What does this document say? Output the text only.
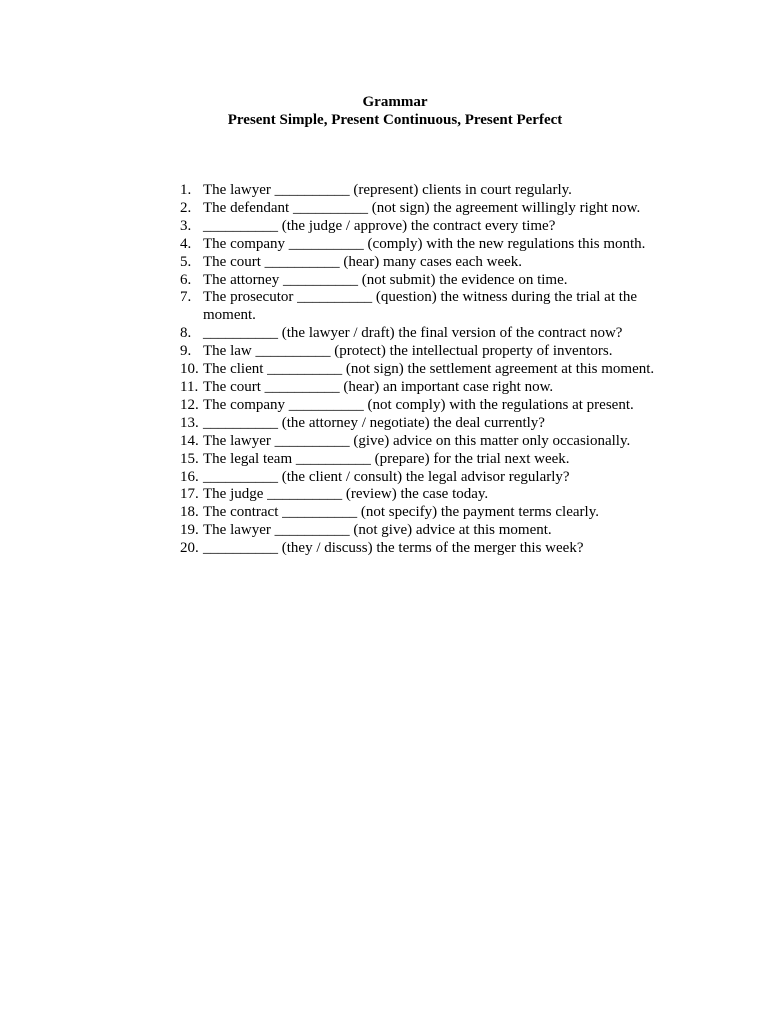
Grammar
Present Simple, Present Continuous, Present Perfect
1. The lawyer __________ (represent) clients in court regularly.
2. The defendant __________ (not sign) the agreement willingly right now.
3. __________ (the judge / approve) the contract every time?
4. The company __________ (comply) with the new regulations this month.
5. The court __________ (hear) many cases each week.
6. The attorney __________ (not submit) the evidence on time.
7. The prosecutor __________ (question) the witness during the trial at the moment.
8. __________ (the lawyer / draft) the final version of the contract now?
9. The law __________ (protect) the intellectual property of inventors.
10. The client __________ (not sign) the settlement agreement at this moment.
11. The court __________ (hear) an important case right now.
12. The company __________ (not comply) with the regulations at present.
13. __________ (the attorney / negotiate) the deal currently?
14. The lawyer __________ (give) advice on this matter only occasionally.
15. The legal team __________ (prepare) for the trial next week.
16. __________ (the client / consult) the legal advisor regularly?
17. The judge __________ (review) the case today.
18. The contract __________ (not specify) the payment terms clearly.
19. The lawyer __________ (not give) advice at this moment.
20. __________ (they / discuss) the terms of the merger this week?
